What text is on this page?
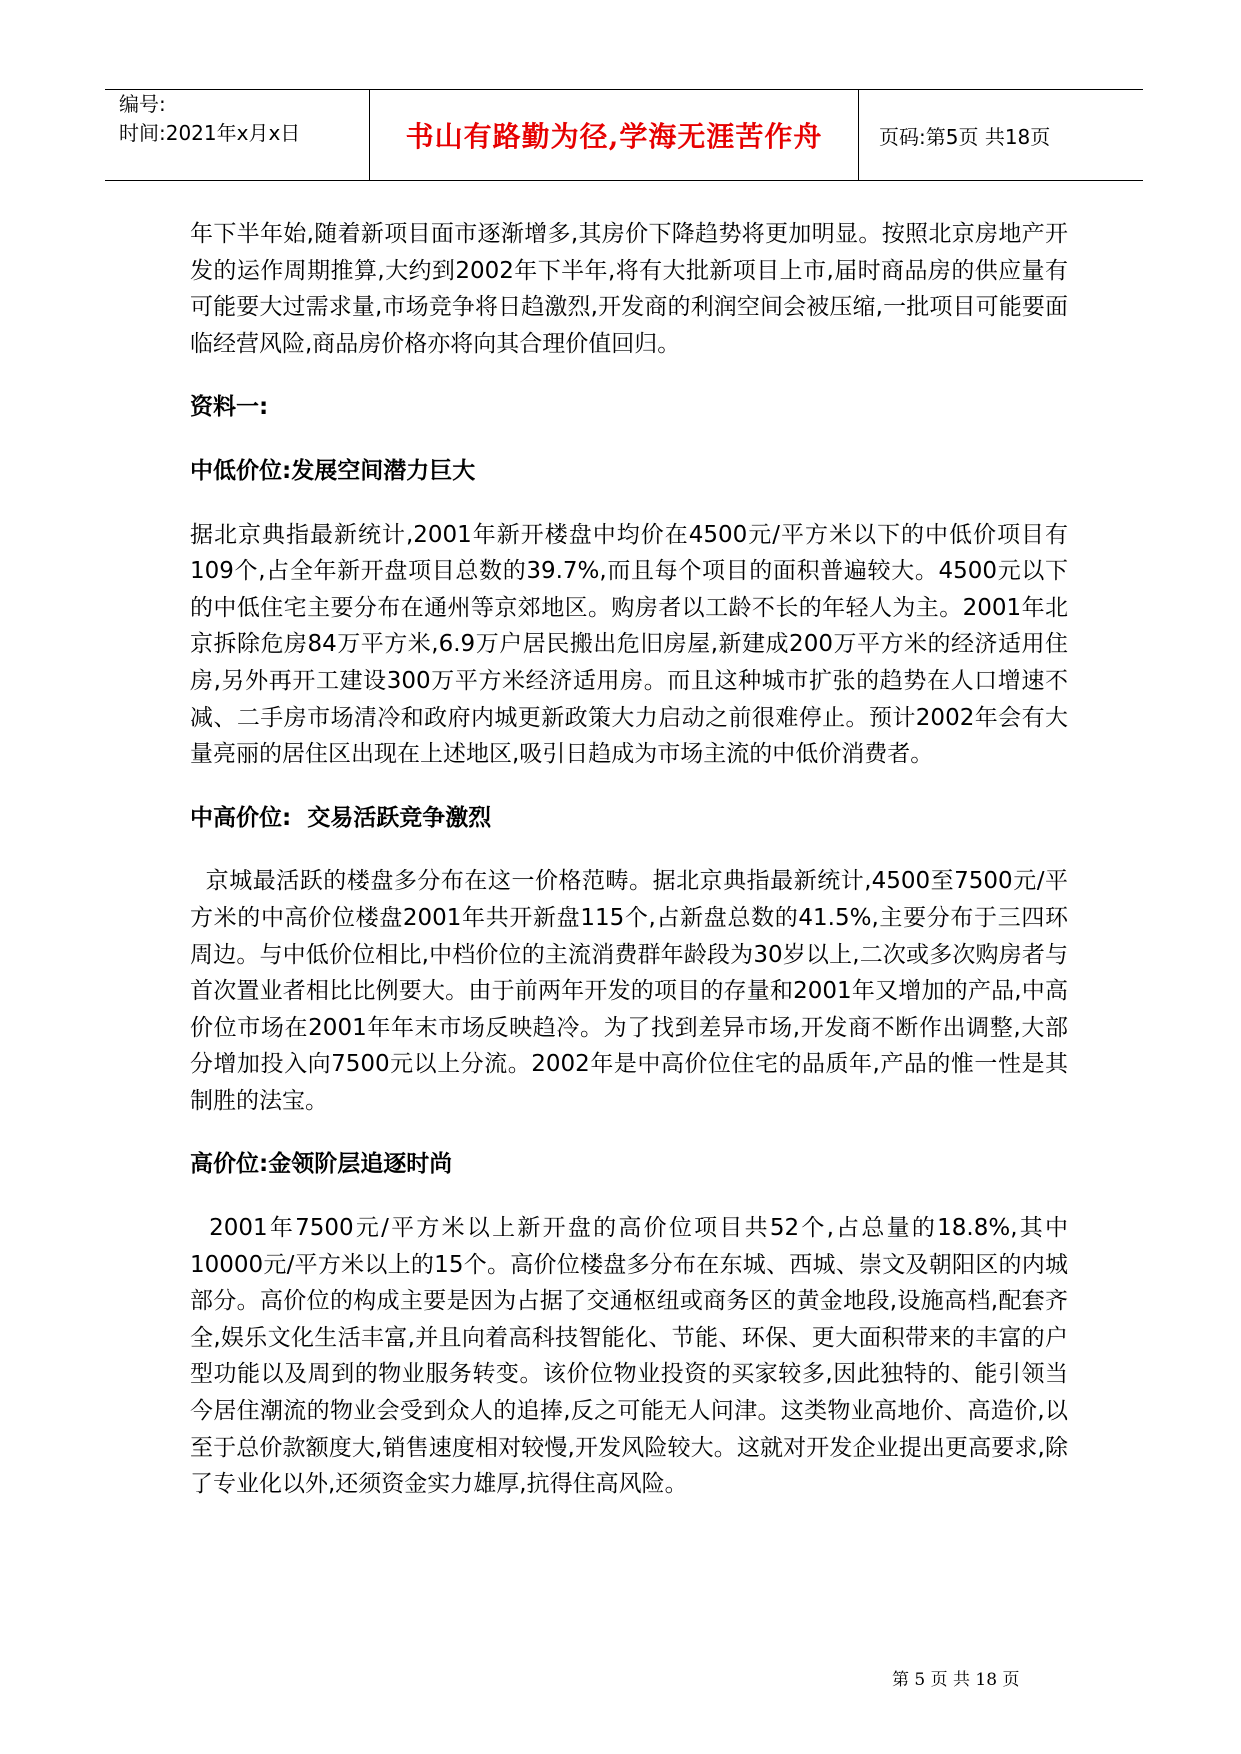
编号:
时间:2021年x月x日	书山有路勤为径,学海无涯苦作舟	页码:第5页 共18页

年下半年始,随着新项目面市逐渐增多,其房价下降趋势将更加明显。按照北京房地产开发的运作周期推算,大约到2002年下半年,将有大批新项目上市,届时商品房的供应量有可能要大过需求量,市场竞争将日趋激烈,开发商的利润空间会被压缩,一批项目可能要面临经营风险,商品房价格亦将向其合理价值回归。

资料一:

中低价位:发展空间潜力巨大

据北京典指最新统计,2001年新开楼盘中均价在4500元/平方米以下的中低价项目有109个,占全年新开盘项目总数的39.7%,而且每个项目的面积普遍较大。4500元以下的中低住宅主要分布在通州等京郊地区。购房者以工龄不长的年轻人为主。2001年北京拆除危房84万平方米,6.9万户居民搬出危旧房屋,新建成200万平方米的经济适用住房,另外再开工建设300万平方米经济适用房。而且这种城市扩张的趋势在人口增速不减、二手房市场清冷和政府内城更新政策大力启动之前很难停止。预计2002年会有大量亮丽的居住区出现在上述地区,吸引日趋成为市场主流的中低价消费者。

中高价位:  交易活跃竞争激烈

京城最活跃的楼盘多分布在这一价格范畴。据北京典指最新统计,4500至7500元/平方米的中高价位楼盘2001年共开新盘115个,占新盘总数的41.5%,主要分布于三四环周边。与中低价位相比,中档价位的主流消费群年龄段为30岁以上,二次或多次购房者与首次置业者相比比例要大。由于前两年开发的项目的存量和2001年又增加的产品,中高价位市场在2001年年末市场反映趋冷。为了找到差异市场,开发商不断作出调整,大部分增加投入向7500元以上分流。2002年是中高价位住宅的品质年,产品的惟一性是其制胜的法宝。

高价位:金领阶层追逐时尚

2001年7500元/平方米以上新开盘的高价位项目共52个,占总量的18.8%,其中10000元/平方米以上的15个。高价位楼盘多分布在东城、西城、崇文及朝阳区的内城部分。高价位的构成主要是因为占据了交通枢纽或商务区的黄金地段,设施高档,配套齐全,娱乐文化生活丰富,并且向着高科技智能化、节能、环保、更大面积带来的丰富的户型功能以及周到的物业服务转变。该价位物业投资的买家较多,因此独特的、能引领当今居住潮流的物业会受到众人的追捧,反之可能无人问津。这类物业高地价、高造价,以至于总价款额度大,销售速度相对较慢,开发风险较大。这就对开发企业提出更高要求,除了专业化以外,还须资金实力雄厚,抗得住高风险。

第 5 页 共 18 页
